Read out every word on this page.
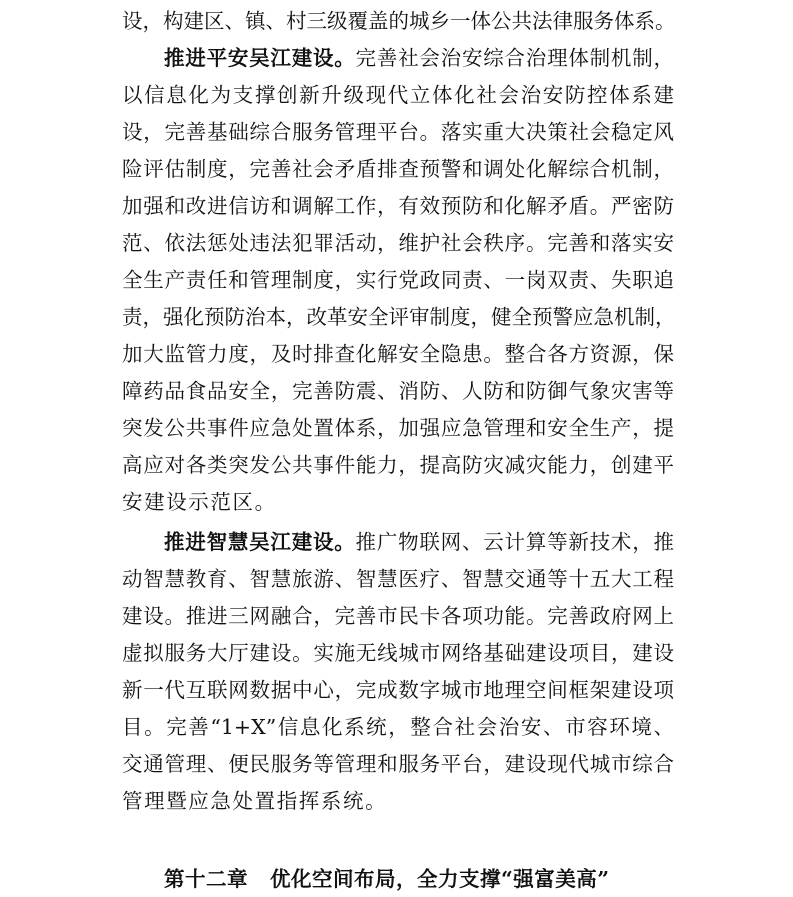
设，构建区、镇、村三级覆盖的城乡一体公共法律服务体系。
推进平安吴江建设。完善社会治安综合治理体制机制，
以信息化为支撑创新升级现代立体化社会治安防控体系建
设，完善基础综合服务管理平台。落实重大决策社会稳定风
险评估制度，完善社会矛盾排查预警和调处化解综合机制，
加强和改进信访和调解工作，有效预防和化解矛盾。严密防
范、依法惩处违法犯罪活动，维护社会秩序。完善和落实安
全生产责任和管理制度，实行党政同责、一岗双责、失职追
责，强化预防治本，改革安全评审制度，健全预警应急机制，
加大监管力度，及时排查化解安全隐患。整合各方资源，保
障药品食品安全，完善防震、消防、人防和防御气象灾害等
突发公共事件应急处置体系，加强应急管理和安全生产，提
高应对各类突发公共事件能力，提高防灾减灾能力，创建平
安建设示范区。
推进智慧吴江建设。推广物联网、云计算等新技术，推
动智慧教育、智慧旅游、智慧医疗、智慧交通等十五大工程
建设。推进三网融合，完善市民卡各项功能。完善政府网上
虚拟服务大厅建设。实施无线城市网络基础建设项目，建设
新一代互联网数据中心，完成数字城市地理空间框架建设项
目。完善“1+X”信息化系统，整合社会治安、市容环境、
交通管理、便民服务等管理和服务平台，建设现代城市综合
管理暨应急处置指挥系统。
第十二章 优化空间布局，全力支撑“强富美高”
